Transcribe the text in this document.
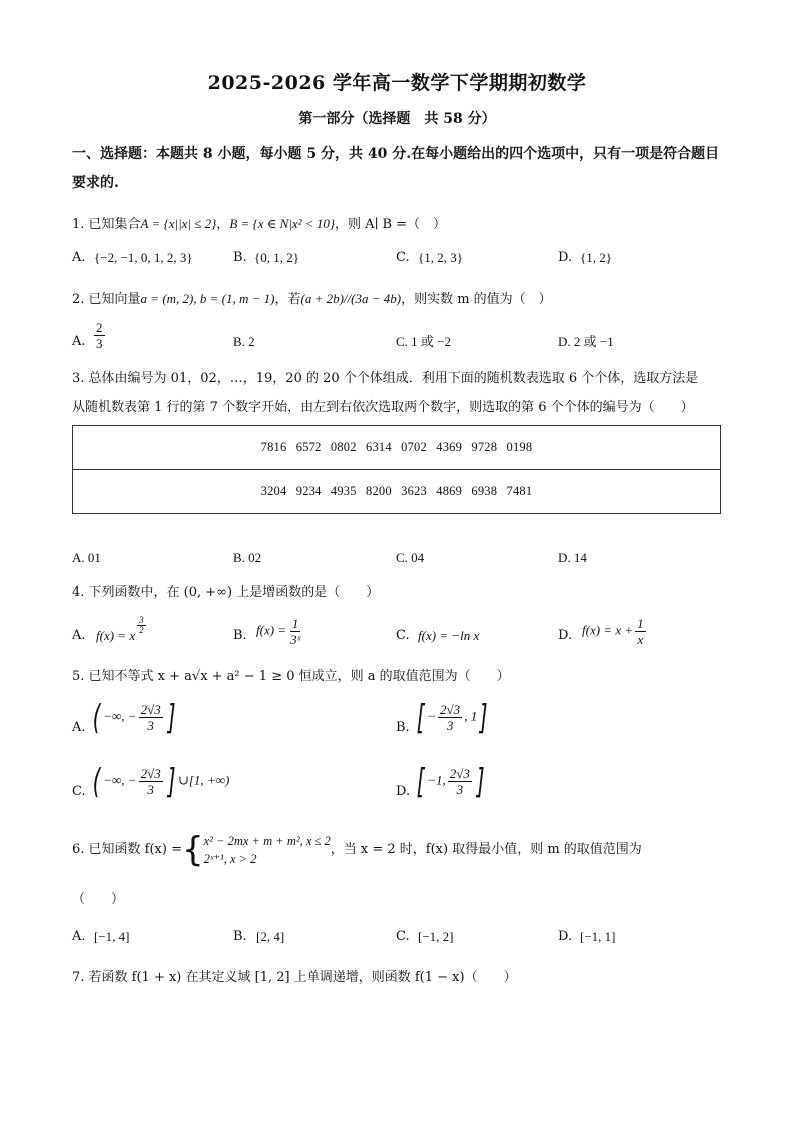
2025-2026 学年高一数学下学期期初数学
第一部分（选择题　共 58 分）
一、选择题：本题共 8 小题，每小题 5 分，共 40 分.在每小题给出的四个选项中，只有一项是符合题目要求的.
1. 已知集合A = {x||x| ≤ 2}，B = {x ∈ N|x² < 10}，则 A∣ B =（　）
A. {−2, −1, 0, 1, 2, 3}	B. {0, 1, 2}	C. {1, 2, 3}	D. {1, 2}
2. 已知向量a = (m, 2), b = (1, m − 1)，若(a + 2b)//(3a − 4b)，则实数 m 的值为（　）
A. $\frac{2}{3}$	B. 2	C. 1 或 −2	D. 2 或 −1
3. 总体由编号为 01，02，…，19，20 的 20 个个体组成．利用下面的随机数表选取 6 个个体，选取方法是
从随机数表第 1 行的第 7 个数字开始，由左到右依次选取两个数字，则选取的第 6 个个体的编号为（　　）
7816 6572 0802 6314 0702 4369 9728 0198
3204 9234 4935 8200 3623 4869 6938 7481
A. 01	B. 02	C. 04	D. 14
4. 下列函数中，在 (0, +∞) 上是增函数的是（　　）
A. f(x) = x
$\frac{3}{2}$
B. $f(x) = \frac{1}{\text{3ˣ}}$	C. f(x) = −ln x	D. $f(x) = x + \frac{1}{x}$
5. 已知不等式 x + a√x + a² − 1 ≥ 0 恒成立，则 a 的取值范围为（　　）
A. ( −∞, − $\frac{2√3}{3}$ ]	B. [ − $\frac{2√3}{3}$ , 1]
C. ( −∞, − $\frac{2√3}{3}$ ] ∪[1, +∞)
D. [ −1, $\frac{2√3}{3}$ ]
6. 已知函数 f(x) ={ x² − 2mx + m + m², x ≤ 2
2ˣ⁺¹, x > 2
，当 x = 2 时，f(x) 取得最小值，则 m 的取值范围为
（　　）
A. [−1, 4]	B. [2, 4]	C. [−1, 2]	D. [−1, 1]
7. 若函数 f(1 + x) 在其定义域 [1, 2] 上单调递增，则函数 f(1 − x)（　　）
